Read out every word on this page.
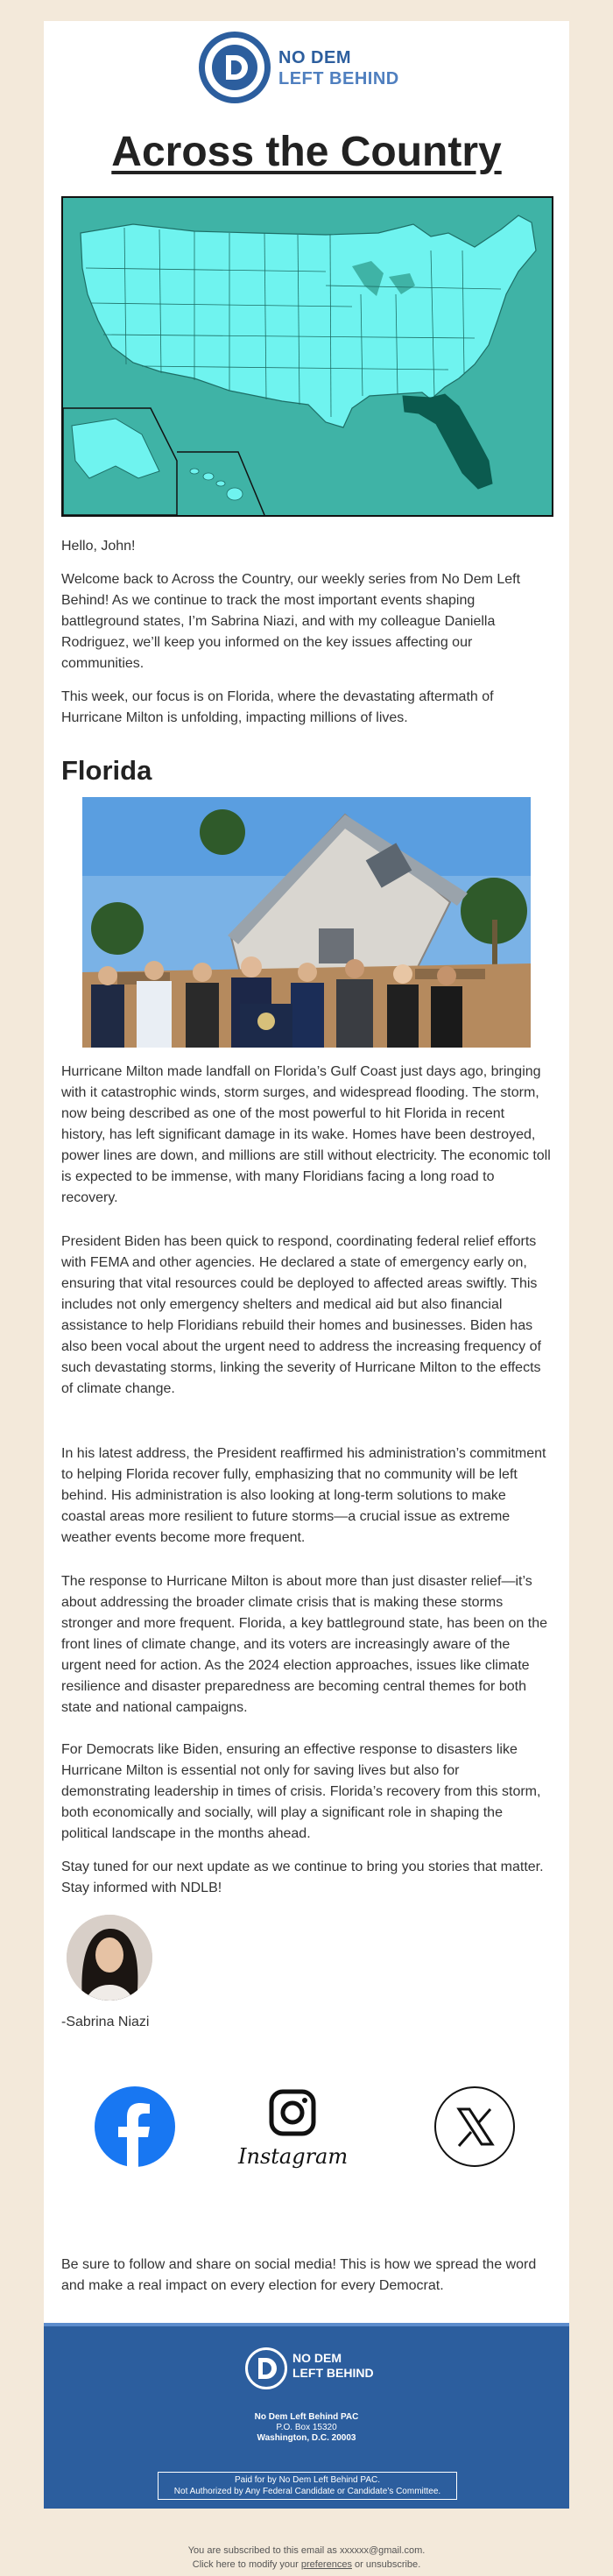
NO DEM
LEFT BEHIND
Across the Country

Hello, John!

Welcome back to Across the Country, our weekly series from No Dem Left Behind! As we continue to track the most important events shaping battleground states, I’m Sabrina Niazi, and with my colleague Daniella Rodriguez, we’ll keep you informed on the key issues affecting our communities.

This week, our focus is on Florida, where the devastating aftermath of Hurricane Milton is unfolding, impacting millions of lives.

Florida

Hurricane Milton made landfall on Florida’s Gulf Coast just days ago, bringing with it catastrophic winds, storm surges, and widespread flooding. The storm, now being described as one of the most powerful to hit Florida in recent history, has left significant damage in its wake. Homes have been destroyed, power lines are down, and millions are still without electricity. The economic toll is expected to be immense, with many Floridians facing a long road to recovery.

President Biden has been quick to respond, coordinating federal relief efforts with FEMA and other agencies. He declared a state of emergency early on, ensuring that vital resources could be deployed to affected areas swiftly. This includes not only emergency shelters and medical aid but also financial assistance to help Floridians rebuild their homes and businesses. Biden has also been vocal about the urgent need to address the increasing frequency of such devastating storms, linking the severity of Hurricane Milton to the effects of climate change.

In his latest address, the President reaffirmed his administration’s commitment to helping Florida recover fully, emphasizing that no community will be left behind. His administration is also looking at long-term solutions to make coastal areas more resilient to future storms—a crucial issue as extreme weather events become more frequent.

The response to Hurricane Milton is about more than just disaster relief—it’s about addressing the broader climate crisis that is making these storms stronger and more frequent. Florida, a key battleground state, has been on the front lines of climate change, and its voters are increasingly aware of the urgent need for action. As the 2024 election approaches, issues like climate resilience and disaster preparedness are becoming central themes for both state and national campaigns.

For Democrats like Biden, ensuring an effective response to disasters like Hurricane Milton is essential not only for saving lives but also for demonstrating leadership in times of crisis. Florida’s recovery from this storm, both economically and socially, will play a significant role in shaping the political landscape in the months ahead.

Stay tuned for our next update as we continue to bring you stories that matter. Stay informed with NDLB!

-Sabrina Niazi

Instagram

Be sure to follow and share on social media! This is how we spread the word and make a real impact on every election for every Democrat.

NO DEM
LEFT BEHIND
No Dem Left Behind PAC
P.O. Box 15320
Washington, D.C. 20003
Paid for by No Dem Left Behind PAC.
Not Authorized by Any Federal Candidate or Candidate’s Committee.
You are subscribed to this email as xxxxxx@gmail.com.
Click here to modify your preferences or unsubscribe.
